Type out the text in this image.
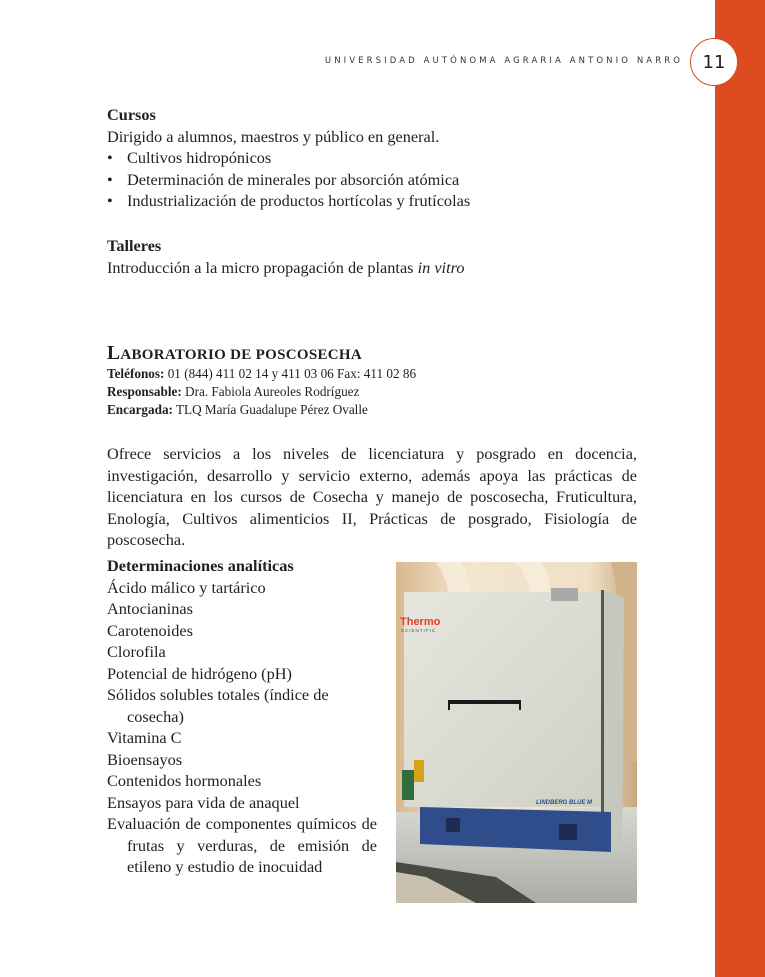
UNIVERSIDAD AUTÓNOMA AGRARIA ANTONIO NARRO 11
Cursos
Dirigido a alumnos, maestros y público en general.
• Cultivos hidropónicos
• Determinación de minerales por absorción atómica
• Industrialización de productos hortícolas y frutícolas
Talleres
Introducción a la micro propagación de plantas in vitro
LABORATORIO DE POSCOSECHA
Teléfonos: 01 (844) 411 02 14 y 411 03 06 Fax: 411 02 86
Responsable: Dra. Fabiola Aureoles Rodríguez
Encargada: TLQ María Guadalupe Pérez Ovalle
Ofrece servicios a los niveles de licenciatura y posgrado en docencia, investigación, desarrollo y servicio externo, además apoya las prácticas de licenciatura en los cursos de Cosecha y manejo de poscosecha, Fruticultura, Enología, Cultivos alimenticios II, Prácticas de posgrado, Fisiología de poscosecha.
Determinaciones analíticas
Ácido málico y tartárico
Antocianinas
Carotenoides
Clorofila
Potencial de hidrógeno (pH)
Sólidos solubles totales (índice de cosecha)
Vitamina C
Bioensayos
Contenidos hormonales
Ensayos para vida de anaquel
Evaluación de componentes químicos de frutas y verduras, de emisión de etileno y estudio de inocuidad
Thermo
SCIENTIFIC
LINDBERG BLUE M
